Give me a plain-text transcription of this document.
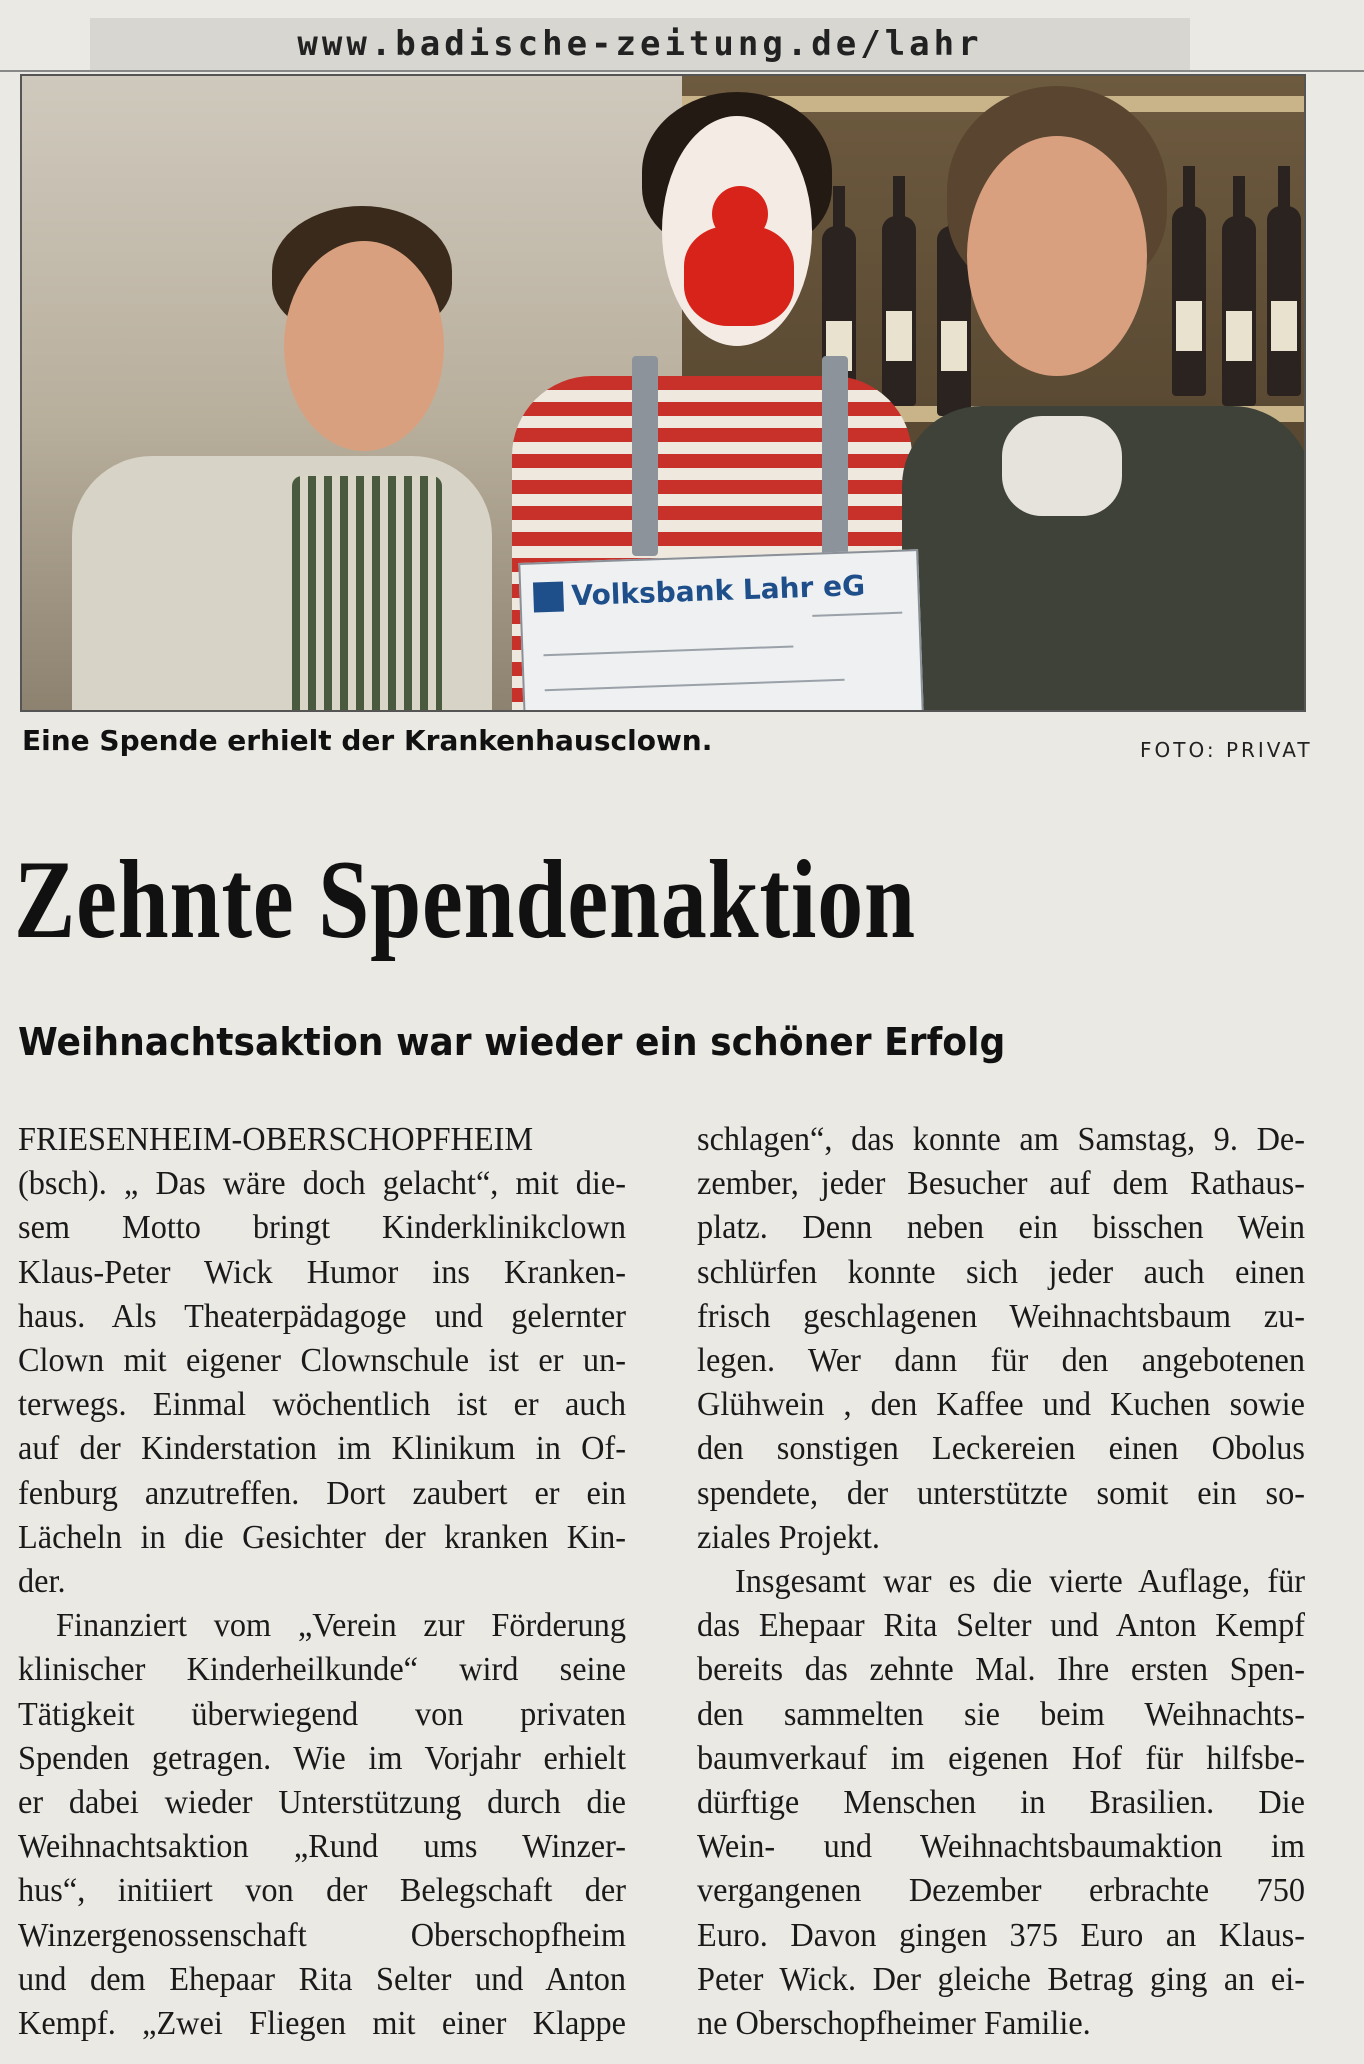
www.badische-zeitung.de/lahr
Volksbank Lahr eG
Eine Spende erhielt der Krankenhausclown.	FOTO: PRIVAT
Zehnte Spendenaktion
Weihnachtsaktion war wieder ein schöner Erfolg
FRIESENHEIM-OBERSCHOPFHEIM
(bsch). „ Das wäre doch gelacht“, mit die-
sem Motto bringt Kinderklinikclown
Klaus-Peter Wick Humor ins Kranken-
haus. Als Theaterpädagoge und gelernter
Clown mit eigener Clownschule ist er un-
terwegs. Einmal wöchentlich ist er auch
auf der Kinderstation im Klinikum in Of-
fenburg anzutreffen. Dort zaubert er ein
Lächeln in die Gesichter der kranken Kin-
der.
Finanziert vom „Verein zur Förderung
klinischer Kinderheilkunde“ wird seine
Tätigkeit überwiegend von privaten
Spenden getragen. Wie im Vorjahr erhielt
er dabei wieder Unterstützung durch die
Weihnachtsaktion „Rund ums Winzer-
hus“, initiiert von der Belegschaft der
Winzergenossenschaft Oberschopfheim
und dem Ehepaar Rita Selter und Anton
Kempf. „Zwei Fliegen mit einer Klappe
schlagen“, das konnte am Samstag, 9. De-
zember, jeder Besucher auf dem Rathaus-
platz. Denn neben ein bisschen Wein
schlürfen konnte sich jeder auch einen
frisch geschlagenen Weihnachtsbaum zu-
legen. Wer dann für den angebotenen
Glühwein , den Kaffee und Kuchen sowie
den sonstigen Leckereien einen Obolus
spendete, der unterstützte somit ein so-
ziales Projekt.
Insgesamt war es die vierte Auflage, für
das Ehepaar Rita Selter und Anton Kempf
bereits das zehnte Mal. Ihre ersten Spen-
den sammelten sie beim Weihnachts-
baumverkauf im eigenen Hof für hilfsbe-
dürftige Menschen in Brasilien. Die
Wein- und Weihnachtsbaumaktion im
vergangenen Dezember erbrachte 750
Euro. Davon gingen 375 Euro an Klaus-
Peter Wick. Der gleiche Betrag ging an ei-
ne Oberschopfheimer Familie.
